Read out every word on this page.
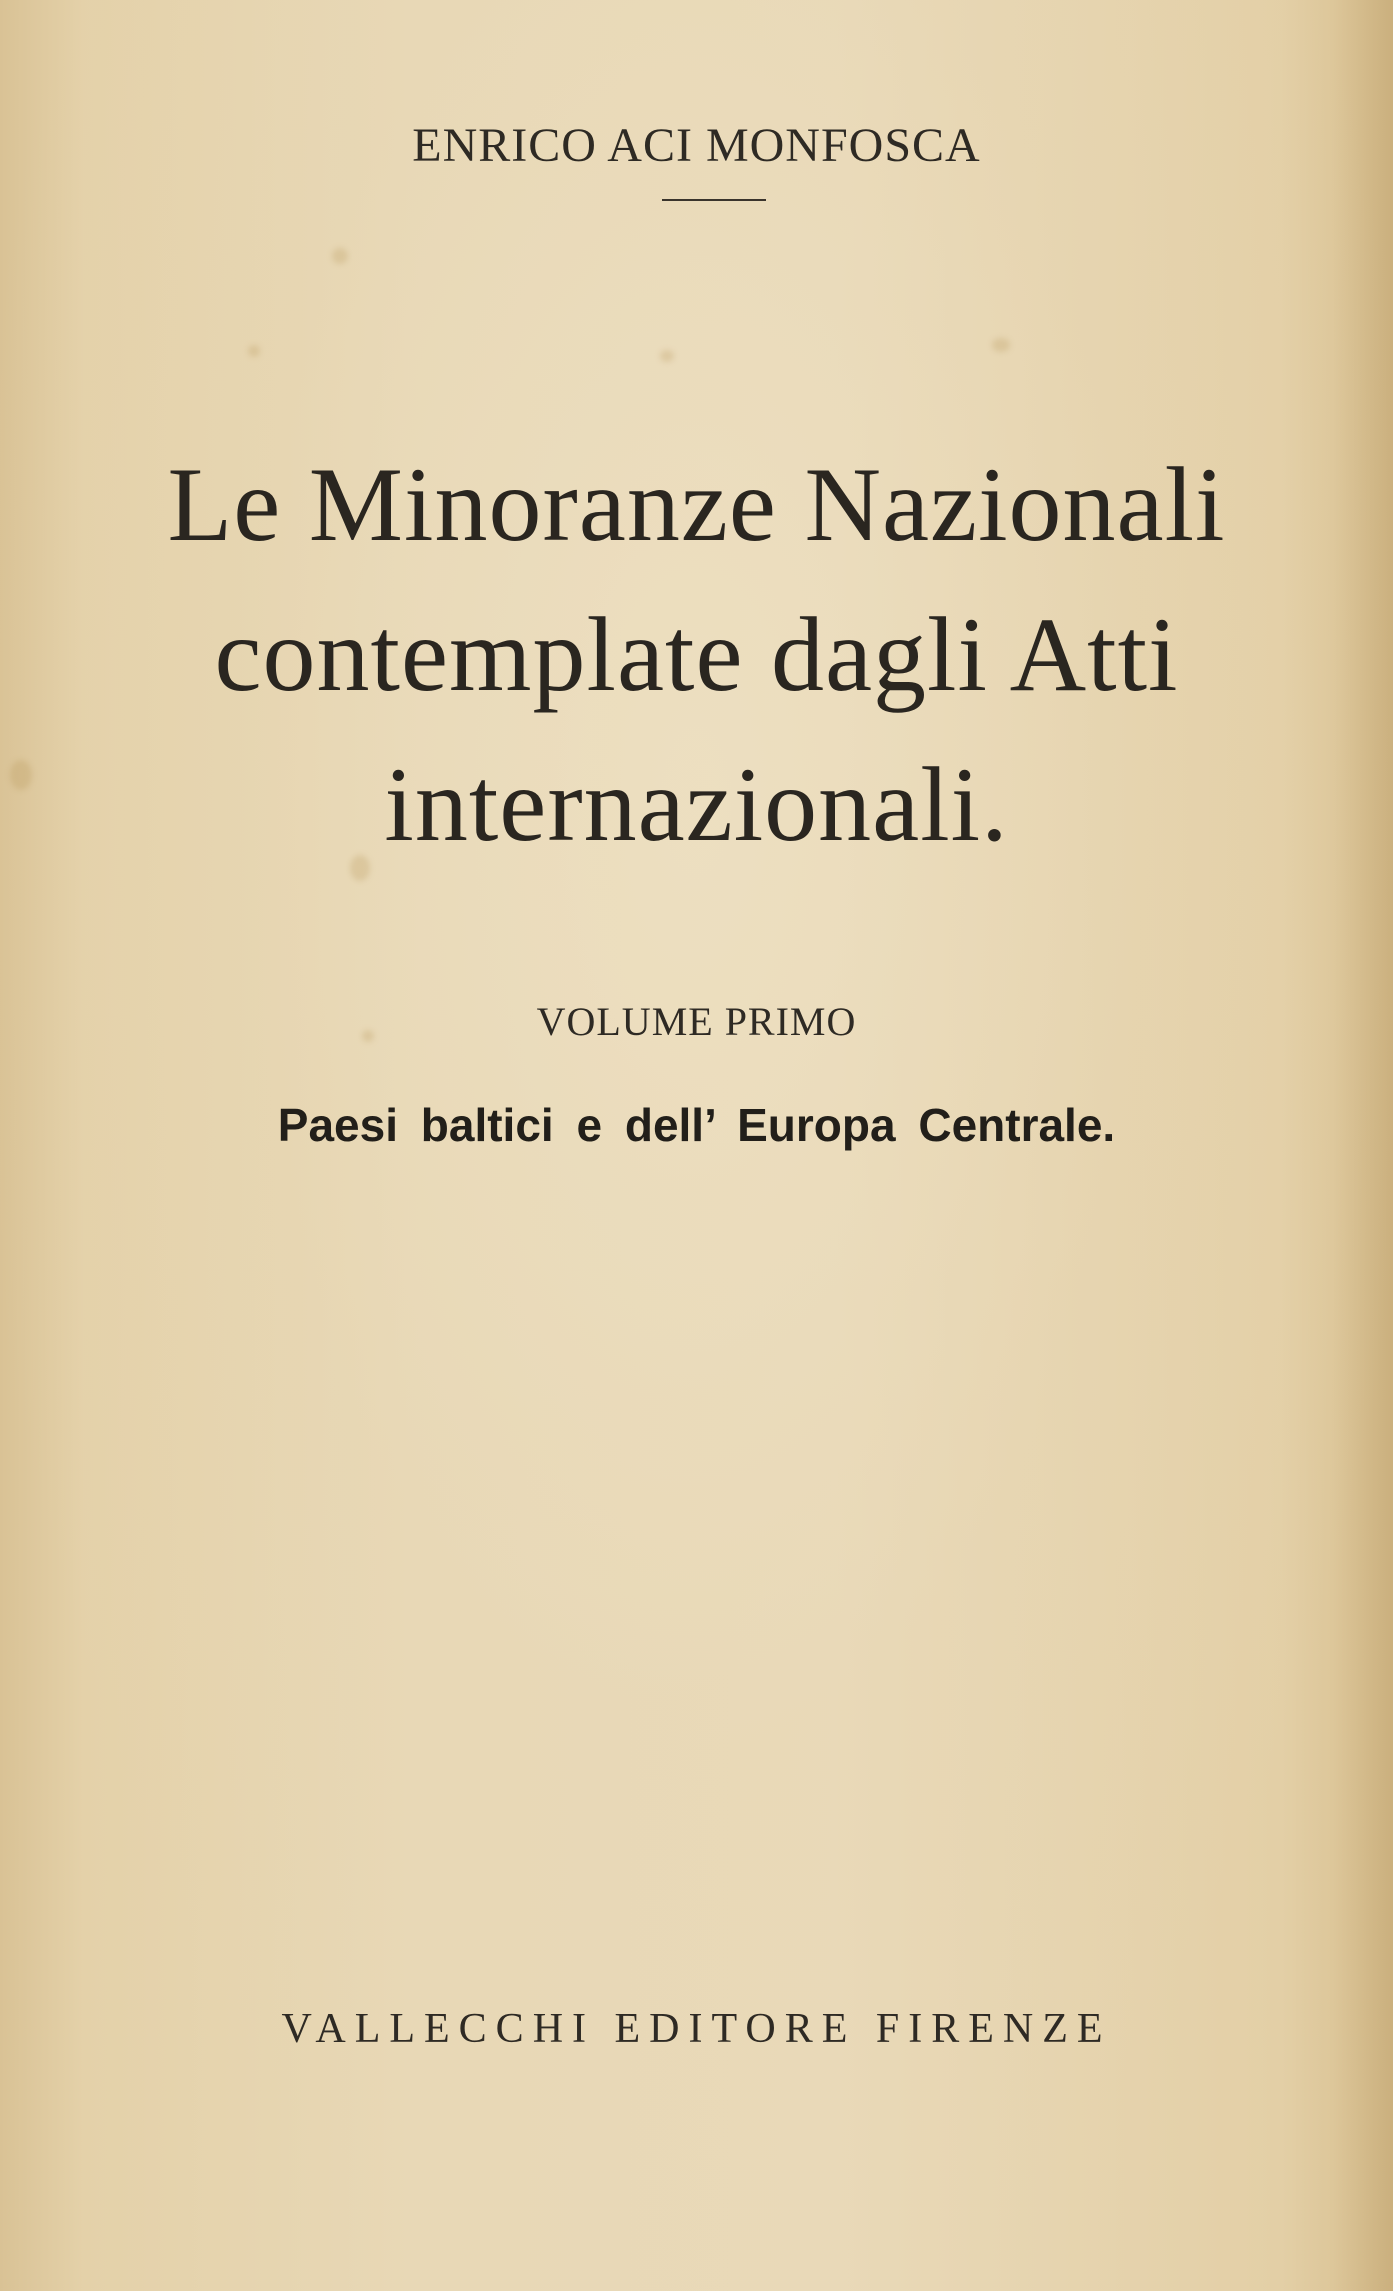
ENRICO ACI MONFOSCA
Le Minoranze Nazionali
contemplate dagli Atti
internazionali.
VOLUME PRIMO
Paesi baltici e dell’ Europa Centrale.
VALLECCHI EDITORE FIRENZE
